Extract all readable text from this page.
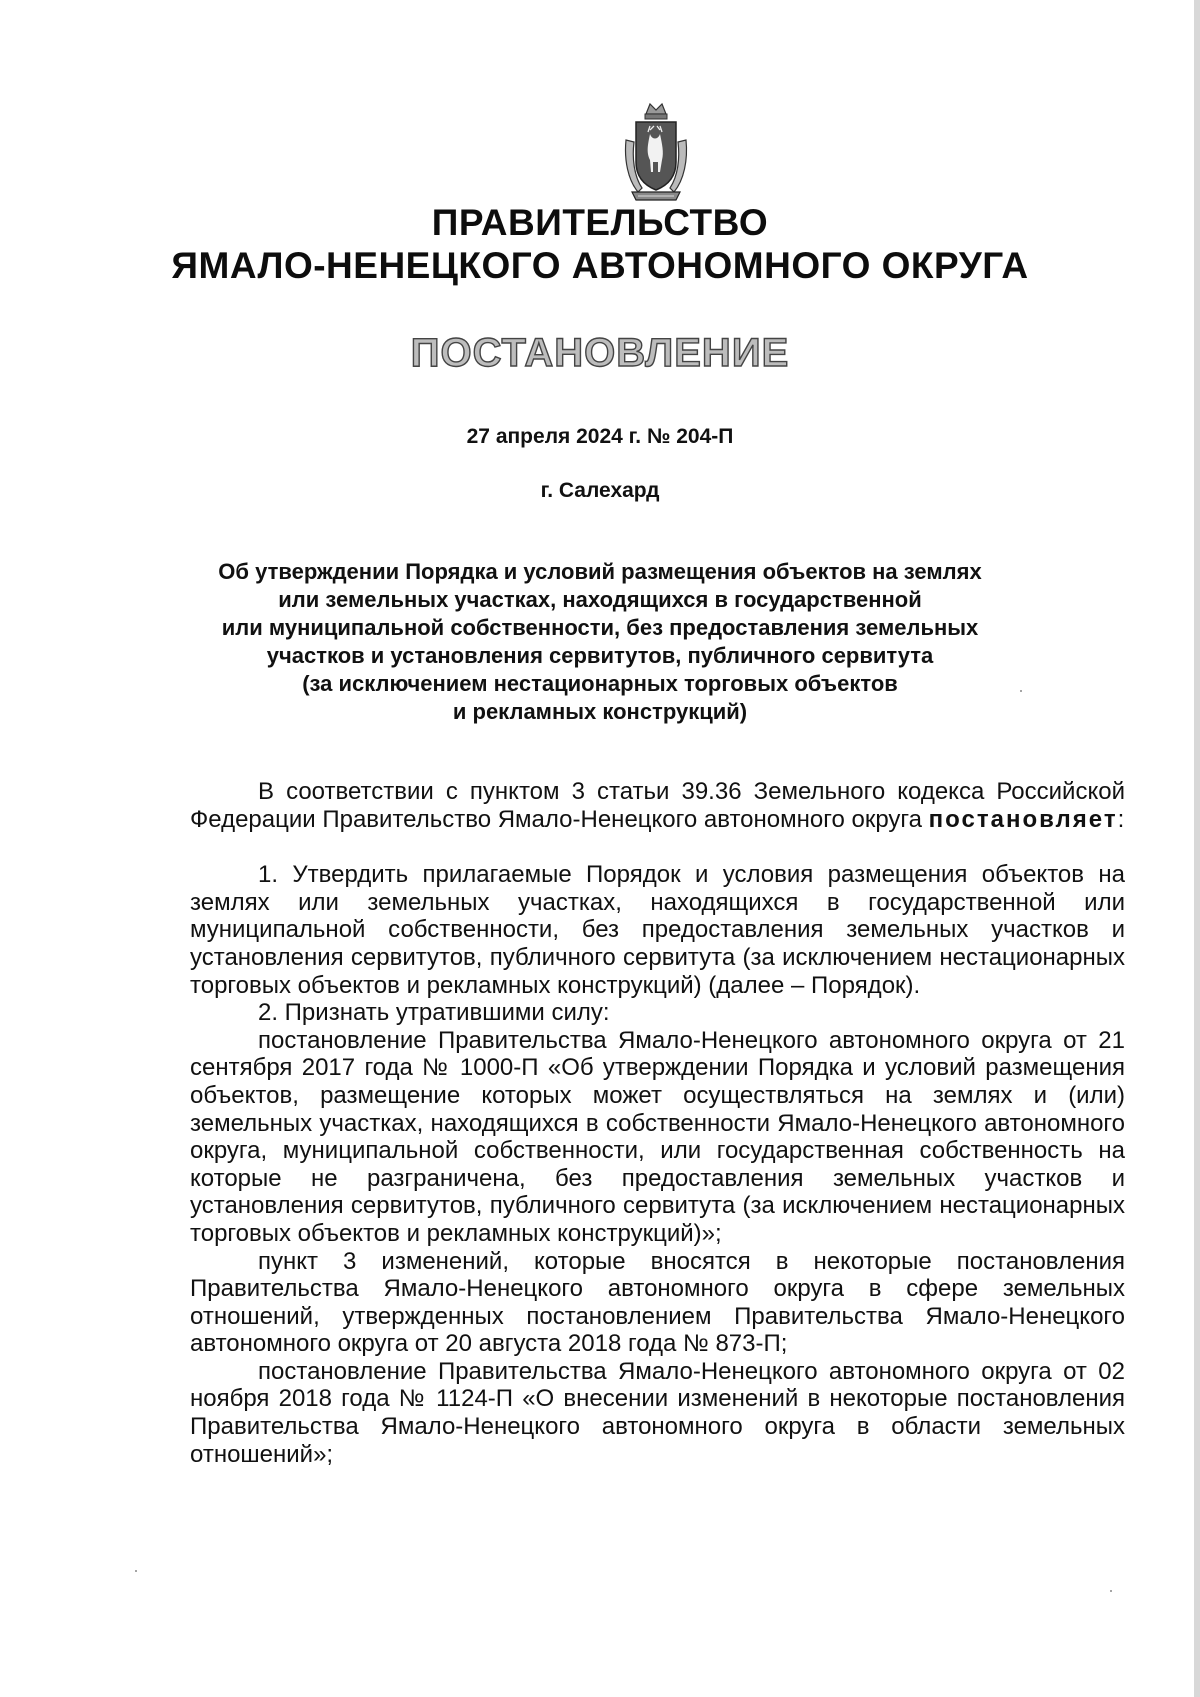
ПРАВИТЕЛЬСТВО
ЯМАЛО-НЕНЕЦКОГО АВТОНОМНОГО ОКРУГА
ПОСТАНОВЛЕНИЕ
27 апреля 2024 г. № 204-П
г. Салехард
Об утверждении Порядка и условий размещения объектов на землях
или земельных участках, находящихся в государственной
или муниципальной собственности, без предоставления земельных
участков и установления сервитутов, публичного сервитута
(за исключением нестационарных торговых объектов
и рекламных конструкций)

В соответствии с пунктом 3 статьи 39.36 Земельного кодекса Российской Федерации Правительство Ямало-Ненецкого автономного округа постановляет:

1. Утвердить прилагаемые Порядок и условия размещения объектов на землях или земельных участках, находящихся в государственной или муниципальной собственности, без предоставления земельных участков и установления сервитутов, публичного сервитута (за исключением нестационарных торговых объектов и рекламных конструкций) (далее – Порядок).

2. Признать утратившими силу:

постановление Правительства Ямало-Ненецкого автономного округа от 21 сентября 2017 года № 1000-П «Об утверждении Порядка и условий размещения объектов, размещение которых может осуществляться на землях и (или) земельных участках, находящихся в собственности Ямало-Ненецкого автономного округа, муниципальной собственности, или государственная собственность на которые не разграничена, без предоставления земельных участков и установления сервитутов, публичного сервитута (за исключением нестационарных торговых объектов и рекламных конструкций)»;

пункт 3 изменений, которые вносятся в некоторые постановления Правительства Ямало-Ненецкого автономного округа в сфере земельных отношений, утвержденных постановлением Правительства Ямало-Ненецкого автономного округа от 20 августа 2018 года № 873-П;

постановление Правительства Ямало-Ненецкого автономного округа от 02 ноября 2018 года № 1124-П «О внесении изменений в некоторые постановления Правительства Ямало-Ненецкого автономного округа в области земельных отношений»;
